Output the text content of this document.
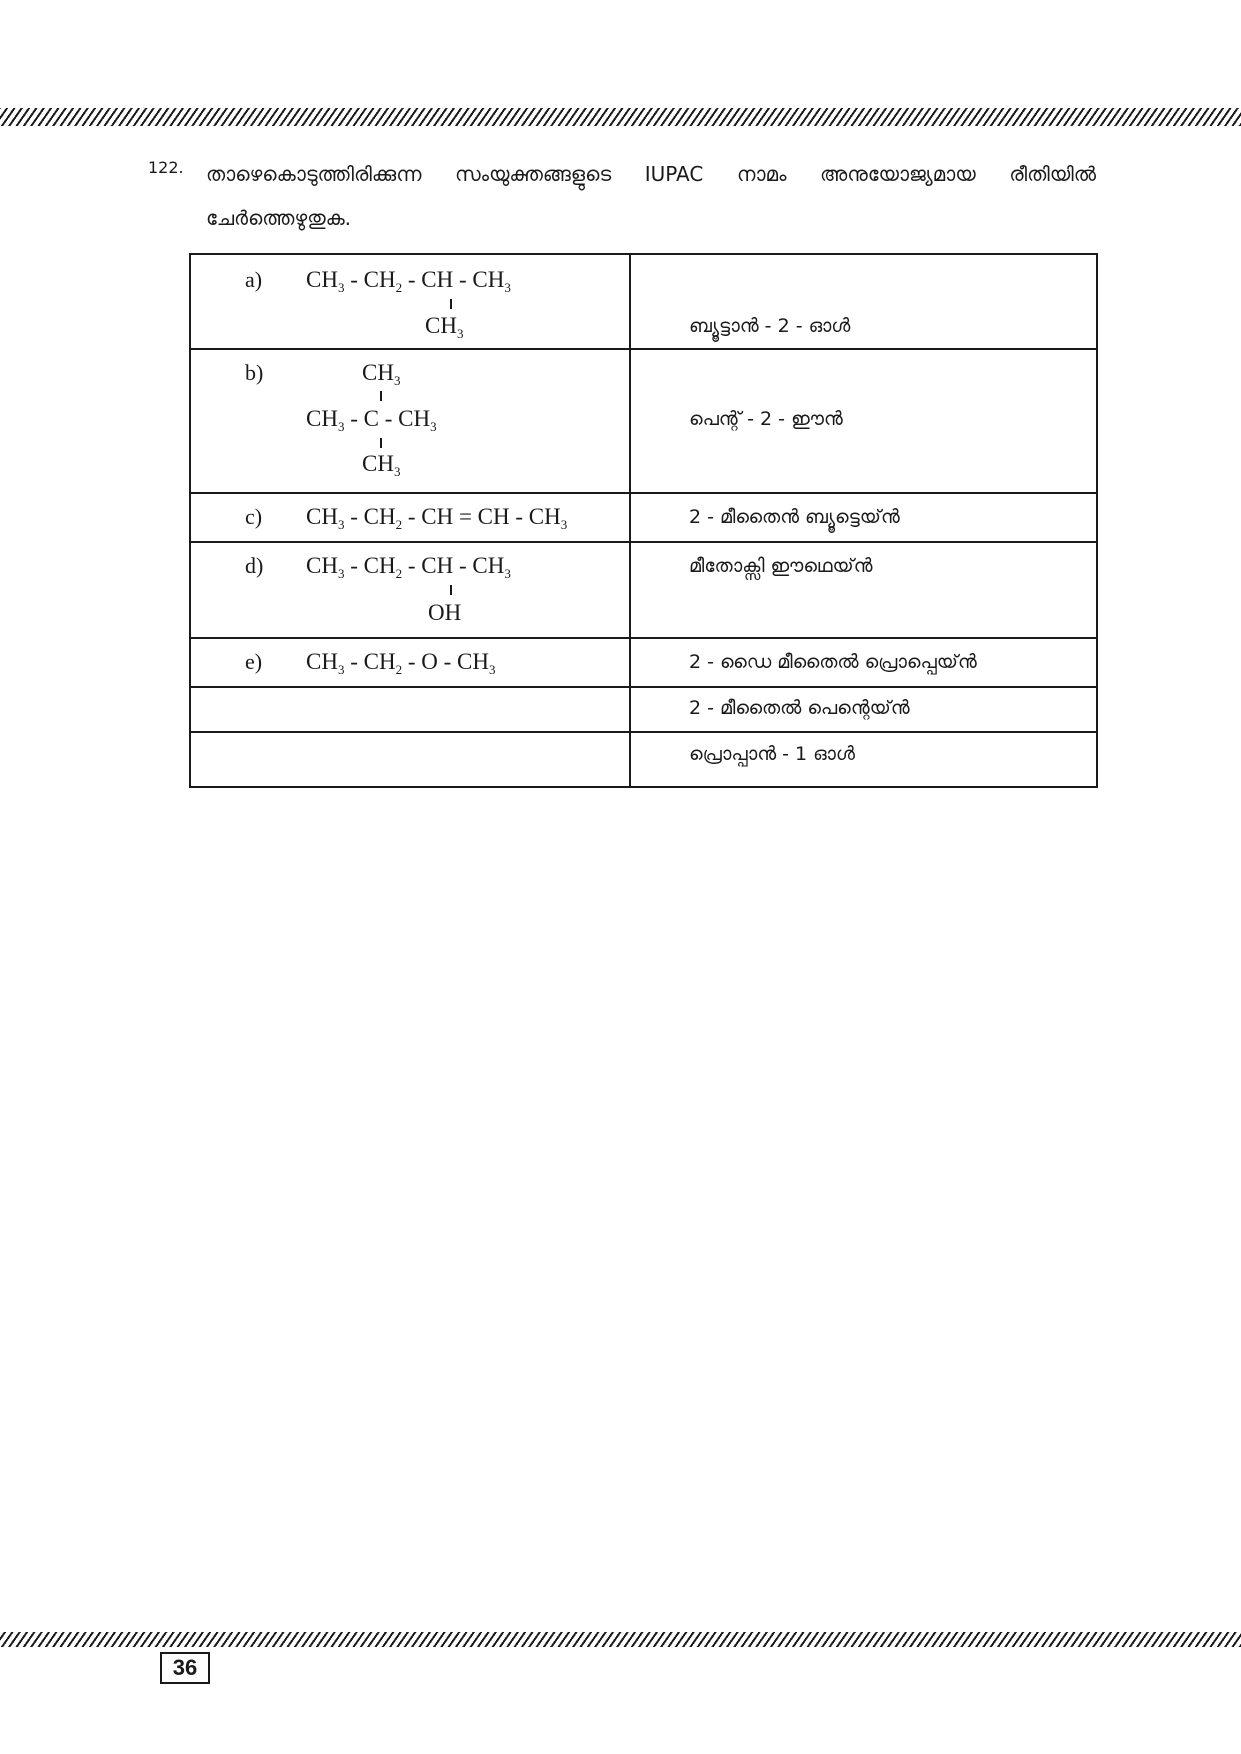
122. താഴെകൊടുത്തിരിക്കുന്ന സംയുക്തങ്ങളുടെ IUPAC നാമം അനുയോജ്യമായ രീതിയിൽ ചേർത്തെഴുതുക.
a) $CH_3 - CH_2$ - CH - $CH_3$
$CH_3$	ബ്യൂട്ടാൻ - 2 - ഓൾ

b) $CH_3$
$CH_3$ - C - $CH_3$
$CH_3$	പെന്റ് - 2 - ഈൻ

c) $CH_3 - CH_2$ - CH = CH - $CH_3$	2 - മീതൈൻ ബ്യൂട്ടെയ്ൻ

d) $CH_3 - CH_2$ - CH - $CH_3$
OH	മീതോക്സി ഈഥെയ്ൻ

e) $CH_3 - CH_2$ - O - $CH_3$	2 - ഡൈ മീതൈൽ പ്രൊപ്പെയ്ൻ

	2 - മീതൈൽ പെന്റെയ്ൻ

	പ്രൊപ്പാൻ - 1 ഓൾ
36
